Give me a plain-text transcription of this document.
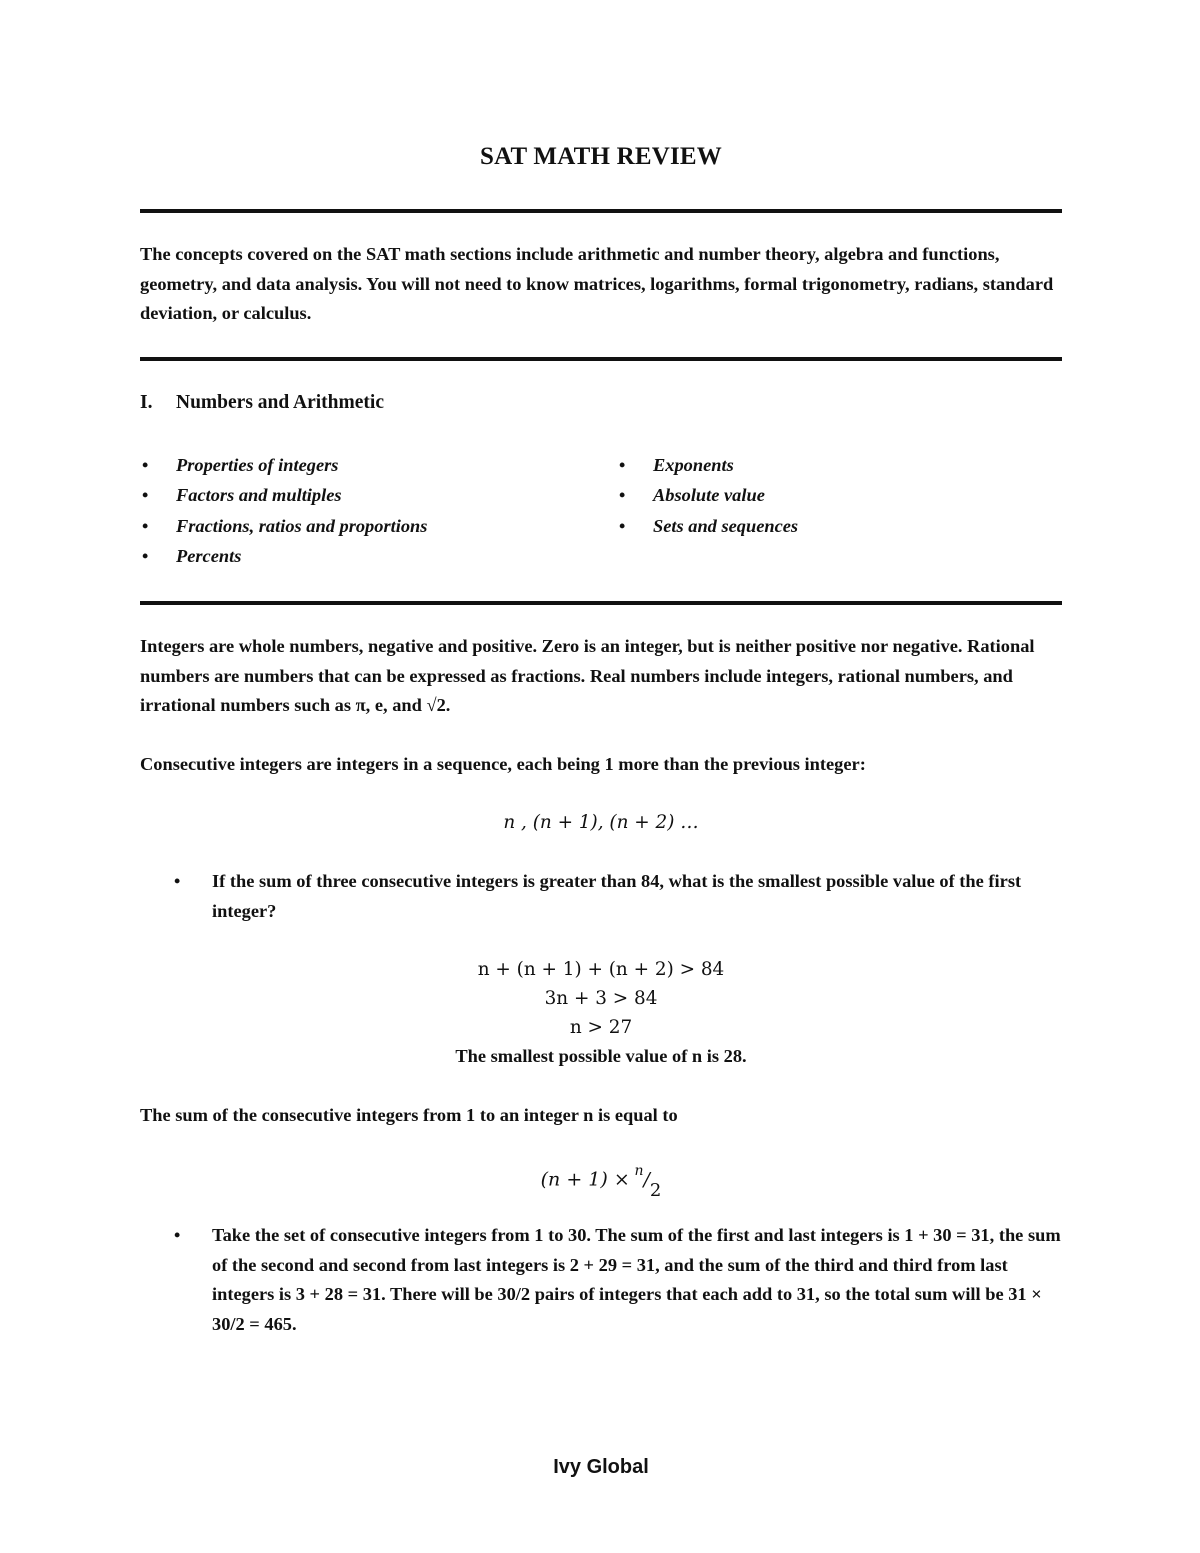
SAT MATH REVIEW
The concepts covered on the SAT math sections include arithmetic and number theory, algebra and functions, geometry, and data analysis. You will not need to know matrices, logarithms, formal trigonometry, radians, standard deviation, or calculus.
I. Numbers and Arithmetic
• Properties of integers
• Factors and multiples
• Fractions, ratios and proportions
• Percents
• Exponents
• Absolute value
• Sets and sequences
Integers are whole numbers, negative and positive. Zero is an integer, but is neither positive nor negative. Rational numbers are numbers that can be expressed as fractions. Real numbers include integers, rational numbers, and irrational numbers such as π, e, and √2.
Consecutive integers are integers in a sequence, each being 1 more than the previous integer:
n , (n + 1), (n + 2) …
• If the sum of three consecutive integers is greater than 84, what is the smallest possible value of the first integer?
n + (n + 1) + (n + 2) > 84
3n + 3 > 84
n > 27
The smallest possible value of n is 28.
The sum of the consecutive integers from 1 to an integer n is equal to
$(n + 1) \times ^n/_2$
• Take the set of consecutive integers from 1 to 30. The sum of the first and last integers is 1 + 30 = 31, the sum of the second and second from last integers is 2 + 29 = 31, and the sum of the third and third from last integers is 3 + 28 = 31. There will be 30/2 pairs of integers that each add to 31, so the total sum will be 31 × 30/2 = 465.
Ivy Global
